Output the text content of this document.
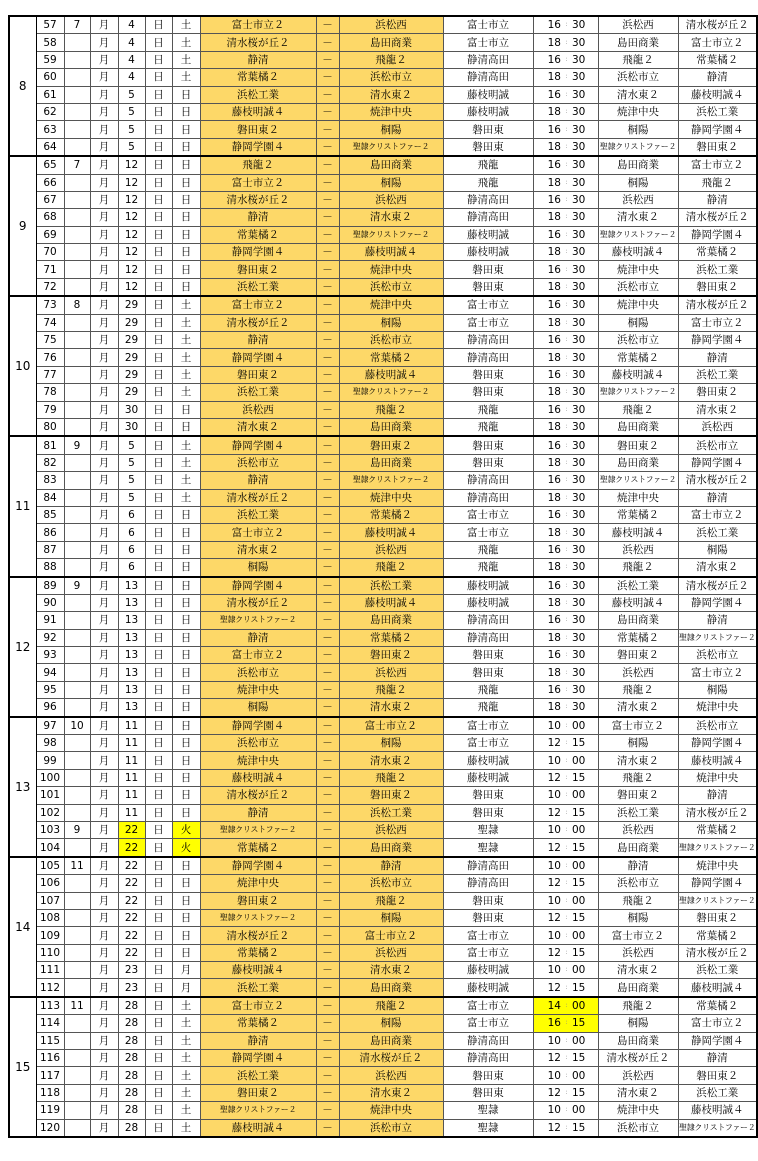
8	57	7	月	4	日	土	富士市立２	－	浜松西	富士市立	16	:	30	浜松西	清水桜が丘２
	58		月	4	日	土	清水桜が丘２	－	島田商業	富士市立	18	:	30	島田商業	富士市立２
	59		月	4	日	土	静清	－	飛龍２	静清高田	16	:	30	飛龍２	常葉橘２
	60		月	4	日	土	常葉橘２	－	浜松市立	静清高田	18	:	30	浜松市立	静清
	61		月	5	日	日	浜松工業	－	清水東２	藤枝明誠	16	:	30	清水東２	藤枝明誠４
	62		月	5	日	日	藤枝明誠４	－	焼津中央	藤枝明誠	18	:	30	焼津中央	浜松工業
	63		月	5	日	日	磐田東２	－	桐陽	磐田東	16	:	30	桐陽	静岡学園４
	64		月	5	日	日	静岡学園４	－	聖隷クリストファー２	磐田東	18	:	30	聖隷クリストファー２	磐田東２
9	65	7	月	12	日	日	飛龍２	－	島田商業	飛龍	16	:	30	島田商業	富士市立２
	66		月	12	日	日	富士市立２	－	桐陽	飛龍	18	:	30	桐陽	飛龍２
	67		月	12	日	日	清水桜が丘２	－	浜松西	静清高田	16	:	30	浜松西	静清
	68		月	12	日	日	静清	－	清水東２	静清高田	18	:	30	清水東２	清水桜が丘２
	69		月	12	日	日	常葉橘２	－	聖隷クリストファー２	藤枝明誠	16	:	30	聖隷クリストファー２	静岡学園４
	70		月	12	日	日	静岡学園４	－	藤枝明誠４	藤枝明誠	18	:	30	藤枝明誠４	常葉橘２
	71		月	12	日	日	磐田東２	－	焼津中央	磐田東	16	:	30	焼津中央	浜松工業
	72		月	12	日	日	浜松工業	－	浜松市立	磐田東	18	:	30	浜松市立	磐田東２
10	73	8	月	29	日	土	富士市立２	－	焼津中央	富士市立	16	:	30	焼津中央	清水桜が丘２
	74		月	29	日	土	清水桜が丘２	－	桐陽	富士市立	18	:	30	桐陽	富士市立２
	75		月	29	日	土	静清	－	浜松市立	静清高田	16	:	30	浜松市立	静岡学園４
	76		月	29	日	土	静岡学園４	－	常葉橘２	静清高田	18	:	30	常葉橘２	静清
	77		月	29	日	土	磐田東２	－	藤枝明誠４	磐田東	16	:	30	藤枝明誠４	浜松工業
	78		月	29	日	土	浜松工業	－	聖隷クリストファー２	磐田東	18	:	30	聖隷クリストファー２	磐田東２
	79		月	30	日	日	浜松西	－	飛龍２	飛龍	16	:	30	飛龍２	清水東２
	80		月	30	日	日	清水東２	－	島田商業	飛龍	18	:	30	島田商業	浜松西
11	81	9	月	5	日	土	静岡学園４	－	磐田東２	磐田東	16	:	30	磐田東２	浜松市立
	82		月	5	日	土	浜松市立	－	島田商業	磐田東	18	:	30	島田商業	静岡学園４
	83		月	5	日	土	静清	－	聖隷クリストファー２	静清高田	16	:	30	聖隷クリストファー２	清水桜が丘２
	84		月	5	日	土	清水桜が丘２	－	焼津中央	静清高田	18	:	30	焼津中央	静清
	85		月	6	日	日	浜松工業	－	常葉橘２	富士市立	16	:	30	常葉橘２	富士市立２
	86		月	6	日	日	富士市立２	－	藤枝明誠４	富士市立	18	:	30	藤枝明誠４	浜松工業
	87		月	6	日	日	清水東２	－	浜松西	飛龍	16	:	30	浜松西	桐陽
	88		月	6	日	日	桐陽	－	飛龍２	飛龍	18	:	30	飛龍２	清水東２
12	89	9	月	13	日	日	静岡学園４	－	浜松工業	藤枝明誠	16	:	30	浜松工業	清水桜が丘２
	90		月	13	日	日	清水桜が丘２	－	藤枝明誠４	藤枝明誠	18	:	30	藤枝明誠４	静岡学園４
	91		月	13	日	日	聖隷クリストファー２	－	島田商業	静清高田	16	:	30	島田商業	静清
	92		月	13	日	日	静清	－	常葉橘２	静清高田	18	:	30	常葉橘２	聖隷クリストファー２
	93		月	13	日	日	富士市立２	－	磐田東２	磐田東	16	:	30	磐田東２	浜松市立
	94		月	13	日	日	浜松市立	－	浜松西	磐田東	18	:	30	浜松西	富士市立２
	95		月	13	日	日	焼津中央	－	飛龍２	飛龍	16	:	30	飛龍２	桐陽
	96		月	13	日	日	桐陽	－	清水東２	飛龍	18	:	30	清水東２	焼津中央
13	97	10	月	11	日	日	静岡学園４	－	富士市立２	富士市立	10	:	00	富士市立２	浜松市立
	98		月	11	日	日	浜松市立	－	桐陽	富士市立	12	:	15	桐陽	静岡学園４
	99		月	11	日	日	焼津中央	－	清水東２	藤枝明誠	10	:	00	清水東２	藤枝明誠４
	100		月	11	日	日	藤枝明誠４	－	飛龍２	藤枝明誠	12	:	15	飛龍２	焼津中央
	101		月	11	日	日	清水桜が丘２	－	磐田東２	磐田東	10	:	00	磐田東２	静清
	102		月	11	日	日	静清	－	浜松工業	磐田東	12	:	15	浜松工業	清水桜が丘２
	103	9	月	22	日	火	聖隷クリストファー２	－	浜松西	聖隷	10	:	00	浜松西	常葉橘２
	104		月	22	日	火	常葉橘２	－	島田商業	聖隷	12	:	15	島田商業	聖隷クリストファー２
14	105	11	月	22	日	日	静岡学園４	－	静清	静清高田	10	:	00	静清	焼津中央
	106		月	22	日	日	焼津中央	－	浜松市立	静清高田	12	:	15	浜松市立	静岡学園４
	107		月	22	日	日	磐田東２	－	飛龍２	磐田東	10	:	00	飛龍２	聖隷クリストファー２
	108		月	22	日	日	聖隷クリストファー２	－	桐陽	磐田東	12	:	15	桐陽	磐田東２
	109		月	22	日	日	清水桜が丘２	－	富士市立２	富士市立	10	:	00	富士市立２	常葉橘２
	110		月	22	日	日	常葉橘２	－	浜松西	富士市立	12	:	15	浜松西	清水桜が丘２
	111		月	23	日	月	藤枝明誠４	－	清水東２	藤枝明誠	10	:	00	清水東２	浜松工業
	112		月	23	日	月	浜松工業	－	島田商業	藤枝明誠	12	:	15	島田商業	藤枝明誠４
15	113	11	月	28	日	土	富士市立２	－	飛龍２	富士市立	14	:	00	飛龍２	常葉橘２
	114		月	28	日	土	常葉橘２	－	桐陽	富士市立	16	:	15	桐陽	富士市立２
	115		月	28	日	土	静清	－	島田商業	静清高田	10	:	00	島田商業	静岡学園４
	116		月	28	日	土	静岡学園４	－	清水桜が丘２	静清高田	12	:	15	清水桜が丘２	静清
	117		月	28	日	土	浜松工業	－	浜松西	磐田東	10	:	00	浜松西	磐田東２
	118		月	28	日	土	磐田東２	－	清水東２	磐田東	12	:	15	清水東２	浜松工業
	119		月	28	日	土	聖隷クリストファー２	－	焼津中央	聖隷	10	:	00	焼津中央	藤枝明誠４
	120		月	28	日	土	藤枝明誠４	－	浜松市立	聖隷	12	:	15	浜松市立	聖隷クリストファー２
